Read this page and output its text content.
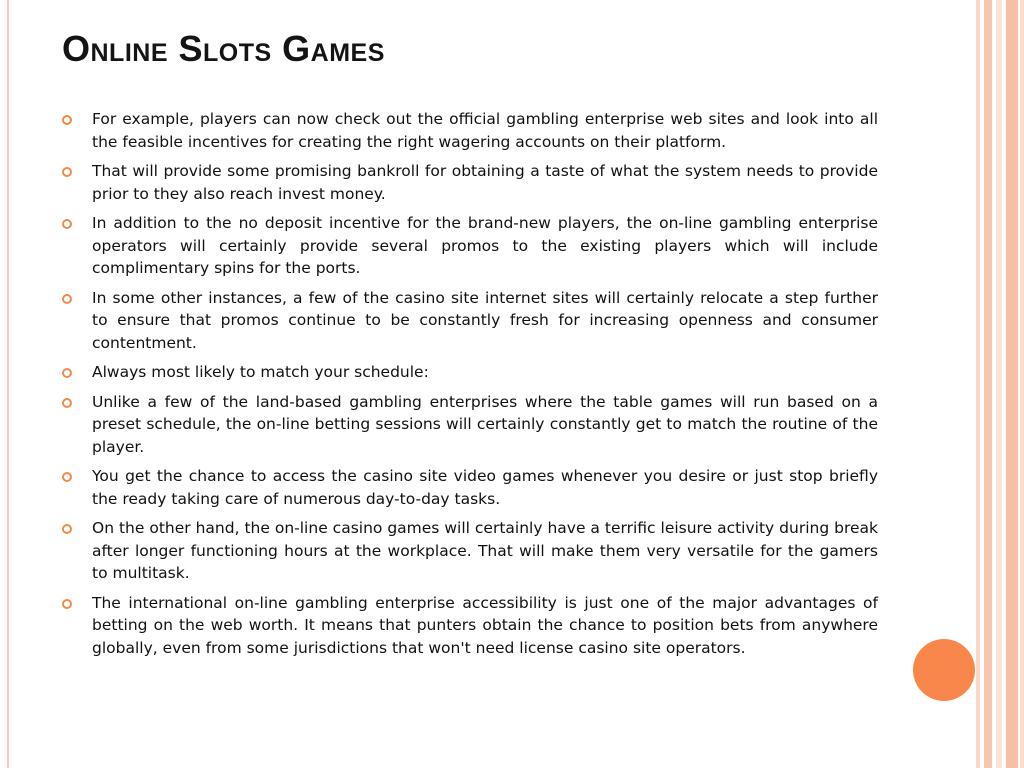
Online Slots Games
For example, players can now check out the official gambling enterprise web sites and look into all the feasible incentives for creating the right wagering accounts on their platform.
That will provide some promising bankroll for obtaining a taste of what the system needs to provide prior to they also reach invest money.
In addition to the no deposit incentive for the brand-new players, the on-line gambling enterprise operators will certainly provide several promos to the existing players which will include complimentary spins for the ports.
In some other instances, a few of the casino site internet sites will certainly relocate a step further to ensure that promos continue to be constantly fresh for increasing openness and consumer contentment.
Always most likely to match your schedule:
Unlike a few of the land-based gambling enterprises where the table games will run based on a preset schedule, the on-line betting sessions will certainly constantly get to match the routine of the player.
You get the chance to access the casino site video games whenever you desire or just stop briefly the ready taking care of numerous day-to-day tasks.
On the other hand, the on-line casino games will certainly have a terrific leisure activity during break after longer functioning hours at the workplace. That will make them very versatile for the gamers to multitask.
The international on-line gambling enterprise accessibility is just one of the major advantages of betting on the web worth. It means that punters obtain the chance to position bets from anywhere globally, even from some jurisdictions that won't need license casino site operators.
